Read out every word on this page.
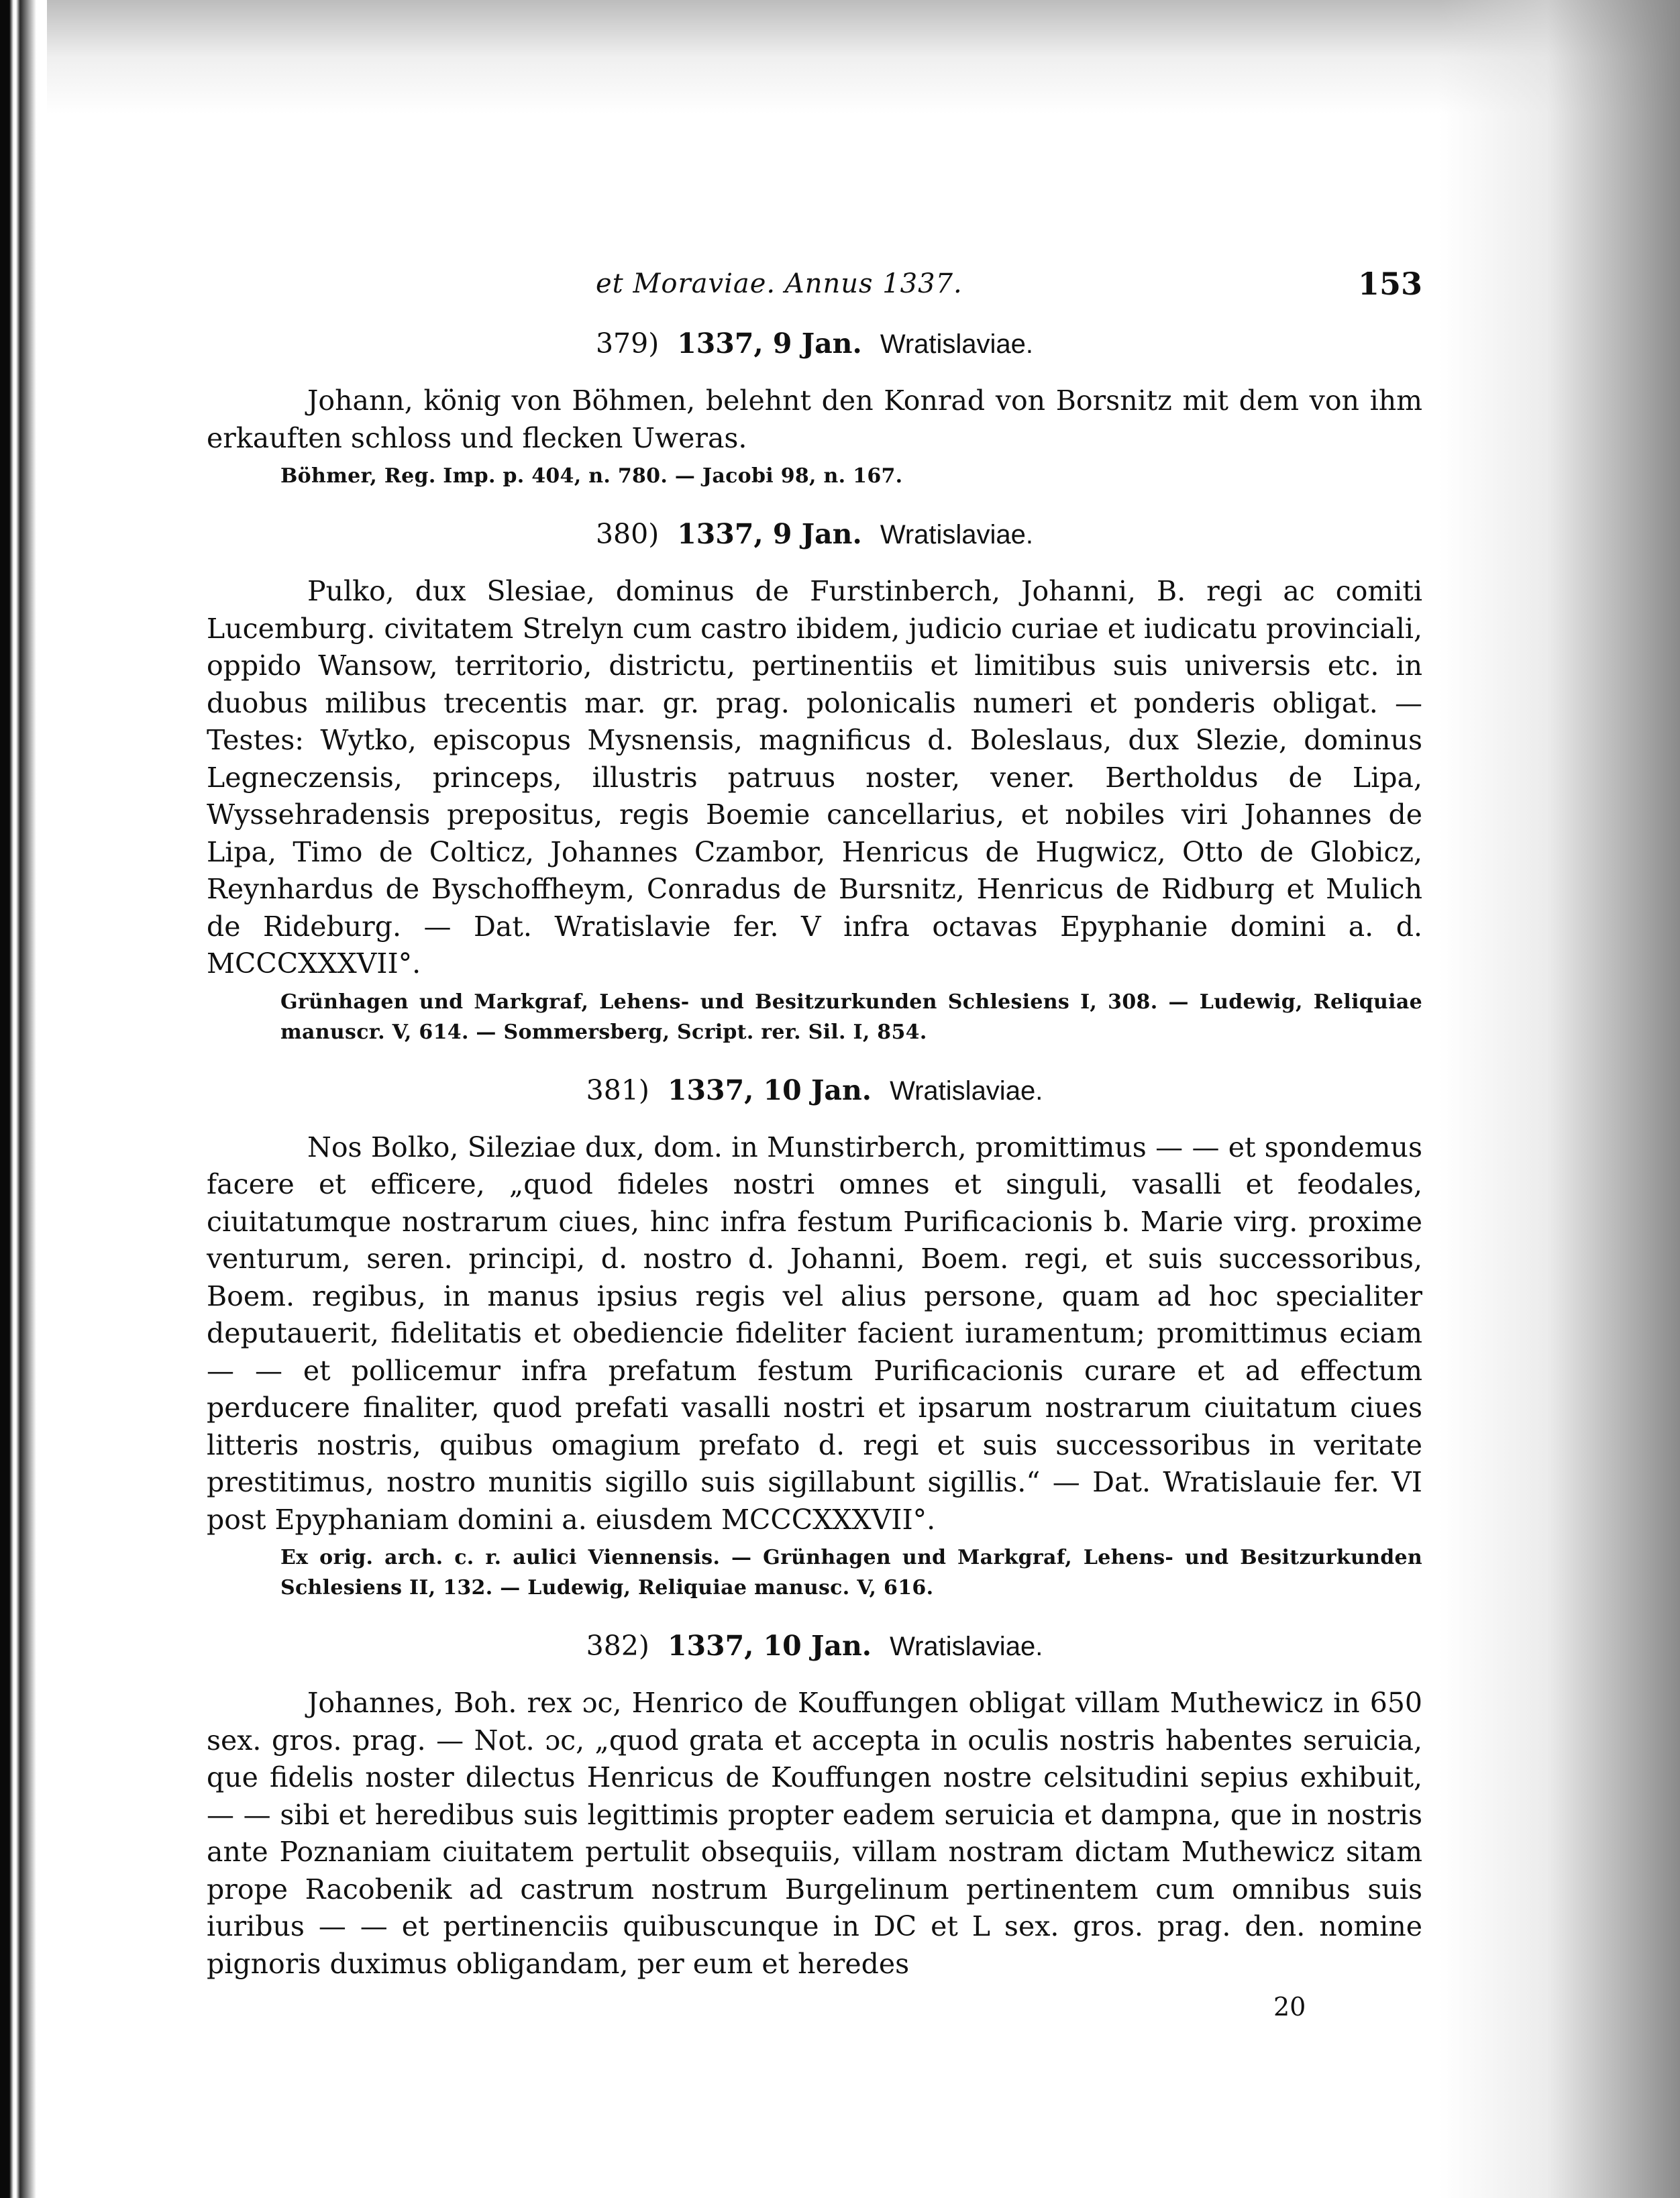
et Moraviae. Annus 1337.	153
379) 1337, 9 Jan. Wratislaviae.

Johann, könig von Böhmen, belehnt den Konrad von Borsnitz mit dem von ihm erkauften schloss und flecken Uweras.

Böhmer, Reg. Imp. p. 404, n. 780. — Jacobi 98, n. 167.
380) 1337, 9 Jan. Wratislaviae.

Pulko, dux Slesiae, dominus de Furstinberch, Johanni, B. regi ac comiti Lucemburg. civitatem Strelyn cum castro ibidem, judicio curiae et iudicatu provinciali, oppido Wansow, territorio, districtu, pertinentiis et limitibus suis universis etc. in duobus milibus trecentis mar. gr. prag. polonicalis numeri et ponderis obligat. — Testes: Wytko, episcopus Mysnensis, magnificus d. Boleslaus, dux Slezie, dominus Legneczensis, princeps, illustris patruus noster, vener. Bertholdus de Lipa, Wyssehradensis prepositus, regis Boemie cancellarius, et nobiles viri Johannes de Lipa, Timo de Colticz, Johannes Czambor, Henricus de Hugwicz, Otto de Globicz, Reynhardus de Byschoffheym, Conradus de Bursnitz, Henricus de Ridburg et Mulich de Rideburg. — Dat. Wratislavie fer. V infra octavas Epyphanie domini a. d. MCCCXXXVII°.

Grünhagen und Markgraf, Lehens- und Besitzurkunden Schlesiens I, 308. — Ludewig, Reliquiae manuscr. V, 614. — Sommersberg, Script. rer. Sil. I, 854.
381) 1337, 10 Jan. Wratislaviae.

Nos Bolko, Sileziae dux, dom. in Munstirberch, promittimus — — et spondemus facere et efficere, „quod fideles nostri omnes et singuli, vasalli et feodales, ciuitatumque nostrarum ciues, hinc infra festum Purificacionis b. Marie virg. proxime venturum, seren. principi, d. nostro d. Johanni, Boem. regi, et suis successoribus, Boem. regibus, in manus ipsius regis vel alius persone, quam ad hoc specialiter deputauerit, fidelitatis et obediencie fideliter facient iuramentum; promittimus eciam — — et pollicemur infra prefatum festum Purificacionis curare et ad effectum perducere finaliter, quod prefati vasalli nostri et ipsarum nostrarum ciuitatum ciues litteris nostris, quibus omagium prefato d. regi et suis successoribus in veritate prestitimus, nostro munitis sigillo suis sigillabunt sigillis.“ — Dat. Wratislauie fer. VI post Epyphaniam domini a. eiusdem MCCCXXXVII°.

Ex orig. arch. c. r. aulici Viennensis. — Grünhagen und Markgraf, Lehens- und Besitzurkunden Schlesiens II, 132. — Ludewig, Reliquiae manusc. V, 616.
382) 1337, 10 Jan. Wratislaviae.

Johannes, Boh. rex ɔc, Henrico de Kouffungen obligat villam Muthewicz in 650 sex. gros. prag. — Not. ɔc, „quod grata et accepta in oculis nostris habentes seruicia, que fidelis noster dilectus Henricus de Kouffungen nostre celsitudini sepius exhibuit, — — sibi et heredibus suis legittimis propter eadem seruicia et dampna, que in nostris ante Poznaniam ciuitatem pertulit obsequiis, villam nostram dictam Muthewicz sitam prope Racobenik ad castrum nostrum Burgelinum pertinentem cum omnibus suis iuribus — — et pertinenciis quibuscunque in DC et L sex. gros. prag. den. nomine pignoris duximus obligandam, per eum et heredes

20
